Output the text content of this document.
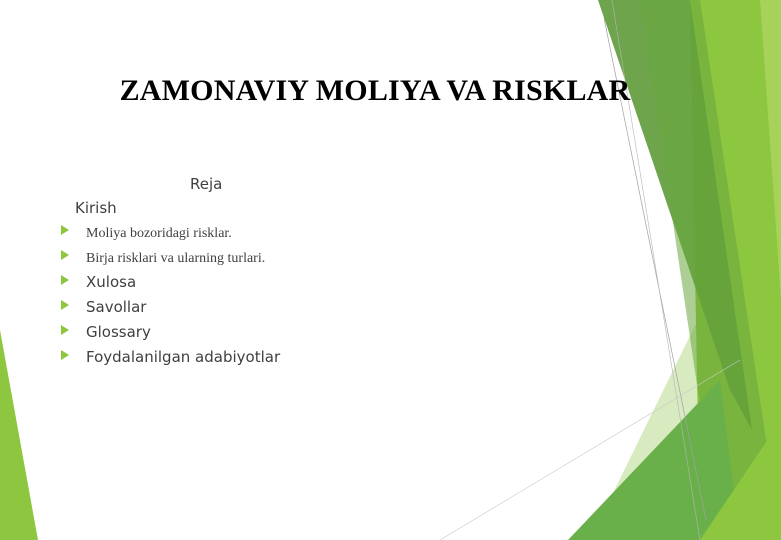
ZAMONAVIY MOLIYA VA RISKLAR
Reja
Kirish
Moliya bozoridagi risklar.
Birja risklari va ularning turlari.
Xulosa
Savollar
Glossary
Foydalanilgan adabiyotlar
